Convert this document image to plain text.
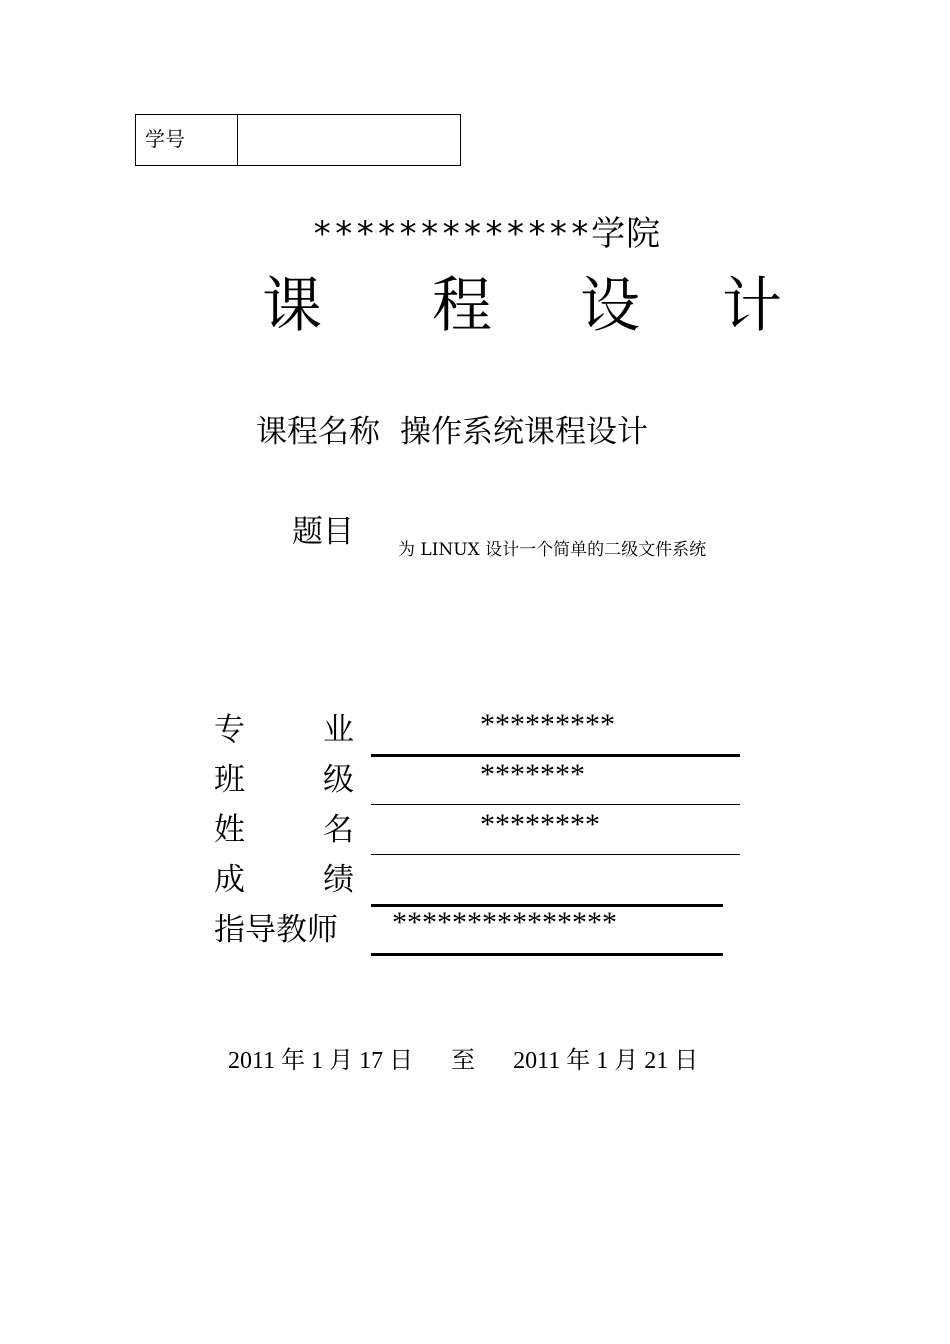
学号
*************学院
课 程 设 计
课程名称 操作系统课程设计
题目	为 LINUX 设计一个简单的二级文件系统
专	业	*********
班	级	*******
姓	名	********
成	绩
指导教师	***************
2011 年 1 月 17 日 至 2011 年 1 月 21 日
